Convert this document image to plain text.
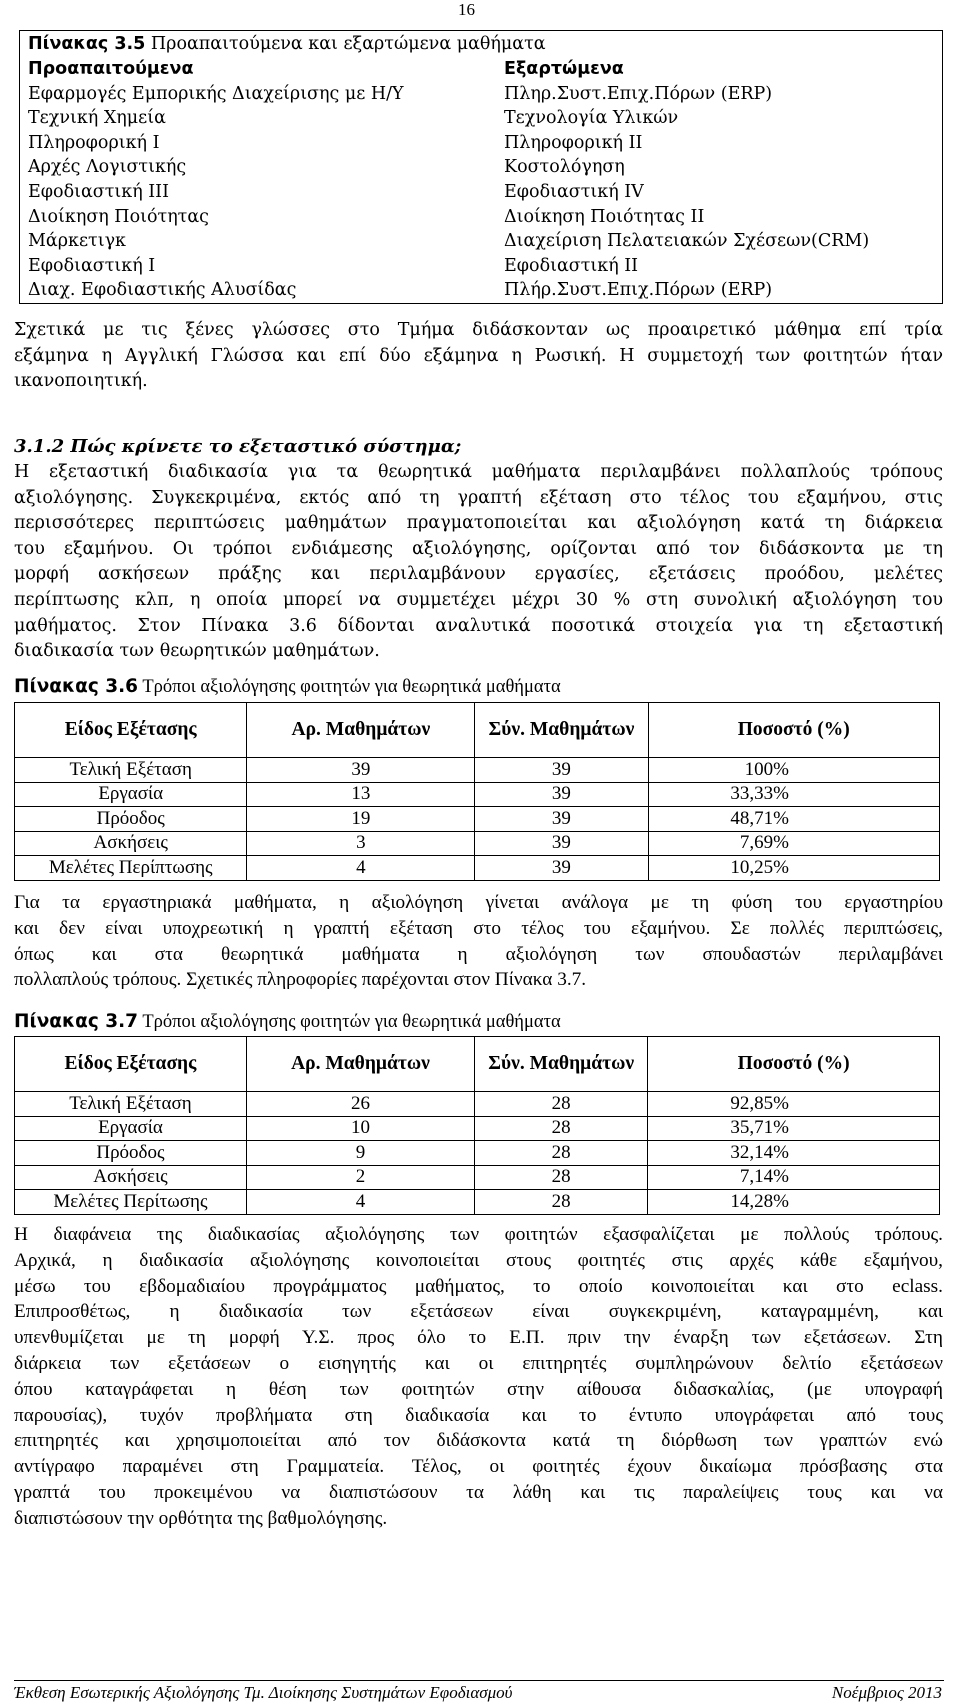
16
Πίνακας 3.5 Προαπαιτούμενα και εξαρτώμενα μαθήματα
Προαπαιτούμενα	Εξαρτώμενα
Εφαρμογές Εμπορικής Διαχείρισης με Η/Υ	Πληρ.Συστ.Επιχ.Πόρων (ERP)
Τεχνική Χημεία	Τεχνολογία Υλικών
Πληροφορική Ι	Πληροφορική ΙΙ
Αρχές Λογιστικής	Κοστολόγηση
Εφοδιαστική ΙΙΙ	Εφοδιαστική IV
Διοίκηση Ποιότητας	Διοίκηση Ποιότητας ΙΙ
Μάρκετιγκ	Διαχείριση Πελατειακών Σχέσεων(CRM)
Εφοδιαστική Ι	Εφοδιαστική ΙΙ
Διαχ. Εφοδιαστικής Αλυσίδας	Πλήρ.Συστ.Επιχ.Πόρων (ERP)
Σχετικά με τις ξένες γλώσσες στο Τμήμα διδάσκονταν ως προαιρετικό μάθημα επί τρία
εξάμηνα η Αγγλική Γλώσσα και επί δύο εξάμηνα η Ρωσική. Η συμμετοχή των φοιτητών ήταν
ικανοποιητική.
3.1.2 Πώς κρίνετε το εξεταστικό σύστημα;
Η εξεταστική διαδικασία για τα θεωρητικά μαθήματα περιλαμβάνει πολλαπλούς τρόπους
αξιολόγησης. Συγκεκριμένα, εκτός από τη γραπτή εξέταση στο τέλος του εξαμήνου, στις
περισσότερες περιπτώσεις μαθημάτων πραγματοποιείται και αξιολόγηση κατά τη διάρκεια
του εξαμήνου. Οι τρόποι ενδιάμεσης αξιολόγησης, ορίζονται από τον διδάσκοντα με τη
μορφή ασκήσεων πράξης και περιλαμβάνουν εργασίες, εξετάσεις προόδου, μελέτες
περίπτωσης κλπ, η οποία μπορεί να συμμετέχει μέχρι 30 % στη συνολική αξιολόγηση του
μαθήματος. Στον Πίνακα 3.6 δίδονται αναλυτικά ποσοτικά στοιχεία για τη εξεταστική
διαδικασία των θεωρητικών μαθημάτων.
Πίνακας 3.6 Τρόποι αξιολόγησης φοιτητών για θεωρητικά μαθήματα
Είδος Εξέτασης	Αρ. Μαθημάτων	Σύν. Μαθημάτων	Ποσοστό (%)
Τελική Εξέταση	39	39	100%
Εργασία	13	39	33,33%
Πρόοδος	19	39	48,71%
Ασκήσεις	3	39	7,69%
Μελέτες Περίπτωσης	4	39	10,25%
Για τα εργαστηριακά μαθήματα, η αξιολόγηση γίνεται ανάλογα με τη φύση του εργαστηρίου
και δεν είναι υποχρεωτική η γραπτή εξέταση στο τέλος του εξαμήνου. Σε πολλές περιπτώσεις,
όπως και στα θεωρητικά μαθήματα η αξιολόγηση των σπουδαστών περιλαμβάνει
πολλαπλούς τρόπους. Σχετικές πληροφορίες παρέχονται στον Πίνακα 3.7.
Πίνακας 3.7 Τρόποι αξιολόγησης φοιτητών για θεωρητικά μαθήματα
Είδος Εξέτασης	Αρ. Μαθημάτων	Σύν. Μαθημάτων	Ποσοστό (%)
Τελική Εξέταση	26	28	92,85%
Εργασία	10	28	35,71%
Πρόοδος	9	28	32,14%
Ασκήσεις	2	28	7,14%
Μελέτες Περίτωσης	4	28	14,28%
Η διαφάνεια της διαδικασίας αξιολόγησης των φοιτητών εξασφαλίζεται με πολλούς τρόπους.
Αρχικά, η διαδικασία αξιολόγησης κοινοποιείται στους φοιτητές στις αρχές κάθε εξαμήνου,
μέσω του εβδομαδιαίου προγράμματος μαθήματος, το οποίο κοινοποιείται και στο eclass.
Επιπροσθέτως, η διαδικασία των εξετάσεων είναι συγκεκριμένη, καταγραμμένη, και
υπενθυμίζεται με τη μορφή Υ.Σ. προς όλο το Ε.Π. πριν την έναρξη των εξετάσεων. Στη
διάρκεια των εξετάσεων ο εισηγητής και οι επιτηρητές συμπληρώνουν δελτίο εξετάσεων
όπου καταγράφεται η θέση των φοιτητών στην αίθουσα διδασκαλίας, (με υπογραφή
παρουσίας), τυχόν προβλήματα στη διαδικασία και το έντυπο υπογράφεται από τους
επιτηρητές και χρησιμοποιείται από τον διδάσκοντα κατά τη διόρθωση των γραπτών ενώ
αντίγραφο παραμένει στη Γραμματεία. Τέλος, οι φοιτητές έχουν δικαίωμα πρόσβασης στα
γραπτά του προκειμένου να διαπιστώσουν τα λάθη και τις παραλείψεις τους και να
διαπιστώσουν την ορθότητα της βαθμολόγησης.
Έκθεση Εσωτερικής Αξιολόγησης Τμ. Διοίκησης Συστημάτων Εφοδιασμού	Νοέμβριος 2013
